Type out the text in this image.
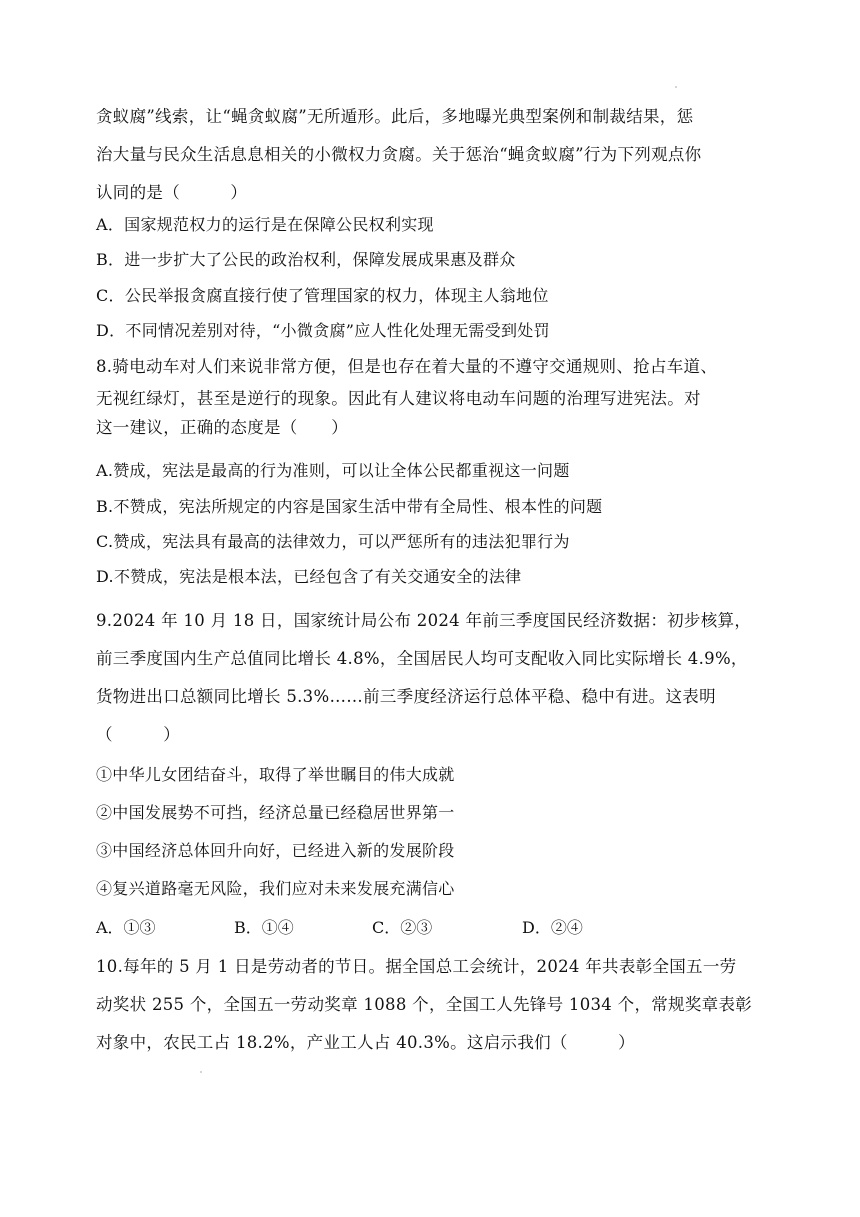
贪蚁腐”线索，让“蝇贪蚁腐”无所遁形。此后，多地曝光典型案例和制裁结果，惩
治大量与民众生活息息相关的小微权力贪腐。关于惩治“蝇贪蚁腐”行为下列观点你
认同的是（　　　）
A．国家规范权力的运行是在保障公民权利实现
B．进一步扩大了公民的政治权利，保障发展成果惠及群众
C．公民举报贪腐直接行使了管理国家的权力，体现主人翁地位
D．不同情况差别对待，“小微贪腐”应人性化处理无需受到处罚
8.骑电动车对人们来说非常方便，但是也存在着大量的不遵守交通规则、抢占车道、
无视红绿灯，甚至是逆行的现象。因此有人建议将电动车问题的治理写进宪法。对
这一建议，正确的态度是（　　）
A.赞成，宪法是最高的行为准则，可以让全体公民都重视这一问题
B.不赞成，宪法所规定的内容是国家生活中带有全局性、根本性的问题
C.赞成，宪法具有最高的法律效力，可以严惩所有的违法犯罪行为
D.不赞成，宪法是根本法，已经包含了有关交通安全的法律
9.2024 年 10 月 18 日，国家统计局公布 2024 年前三季度国民经济数据：初步核算，
前三季度国内生产总值同比增长 4.8%，全国居民人均可支配收入同比实际增长 4.9%，
货物进出口总额同比增长 5.3%……前三季度经济运行总体平稳、稳中有进。这表明
（　　　）
①中华儿女团结奋斗，取得了举世瞩目的伟大成就
②中国发展势不可挡，经济总量已经稳居世界第一
③中国经济总体回升向好，已经进入新的发展阶段
④复兴道路毫无风险，我们应对未来发展充满信心
A．①③	B．①④	C．②③	D．②④
10.每年的 5 月 1 日是劳动者的节日。据全国总工会统计，2024 年共表彰全国五一劳
动奖状 255 个，全国五一劳动奖章 1088 个，全国工人先锋号 1034 个，常规奖章表彰
对象中，农民工占 18.2%，产业工人占 40.3%。这启示我们（　　　）
